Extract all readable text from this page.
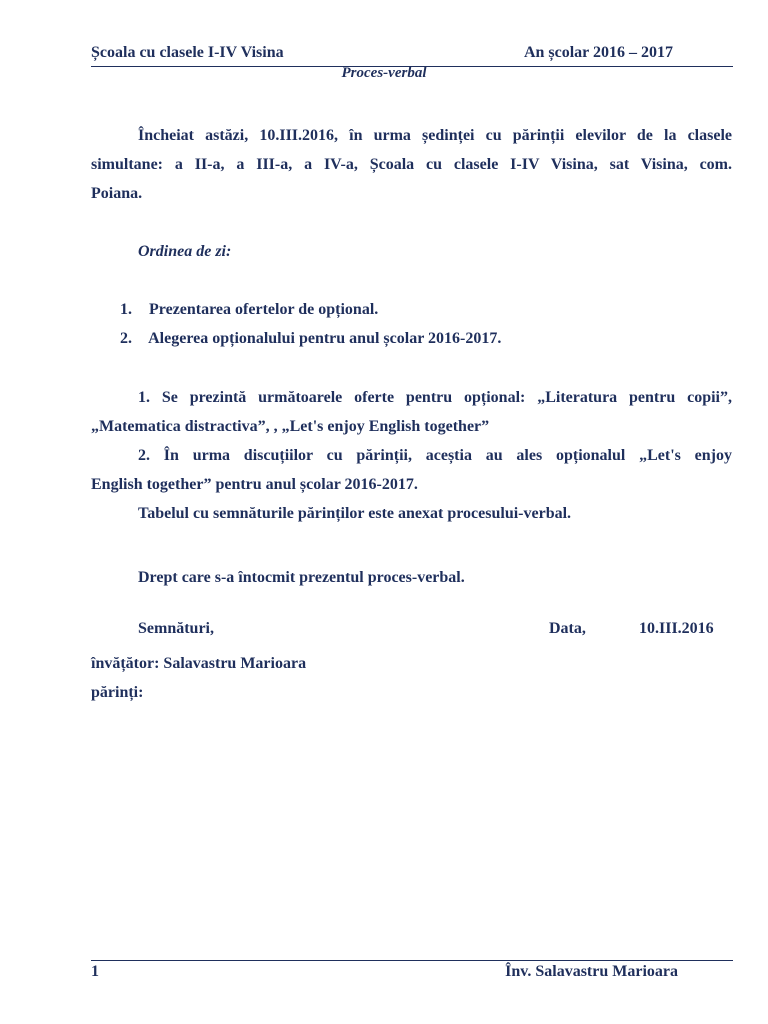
Școala cu clasele I-IV Visina	An școlar 2016 – 2017
Proces-verbal
Încheiat astăzi, 10.III.2016, în urma ședinței cu părinții elevilor de la clasele
simultane: a II-a, a III-a, a IV-a, Școala cu clasele I-IV Visina, sat Visina, com.
Poiana.
Ordinea de zi:
1. Prezentarea ofertelor de opțional.
2. Alegerea opționalului pentru anul școlar 2016-2017.
1. Se prezintă următoarele oferte pentru opțional: „Literatura pentru copii”,
„Matematica distractiva”, , „Let's enjoy English together”
2. În urma discuțiilor cu părinții, aceștia au ales opționalul „Let's enjoy
English together” pentru anul școlar 2016-2017.
Tabelul cu semnăturile părinților este anexat procesului-verbal.
Drept care s-a întocmit prezentul proces-verbal.
Semnături,	Data,	10.III.2016
învățător: Salavastru Marioara
părinți:
1	Înv. Salavastru Marioara
